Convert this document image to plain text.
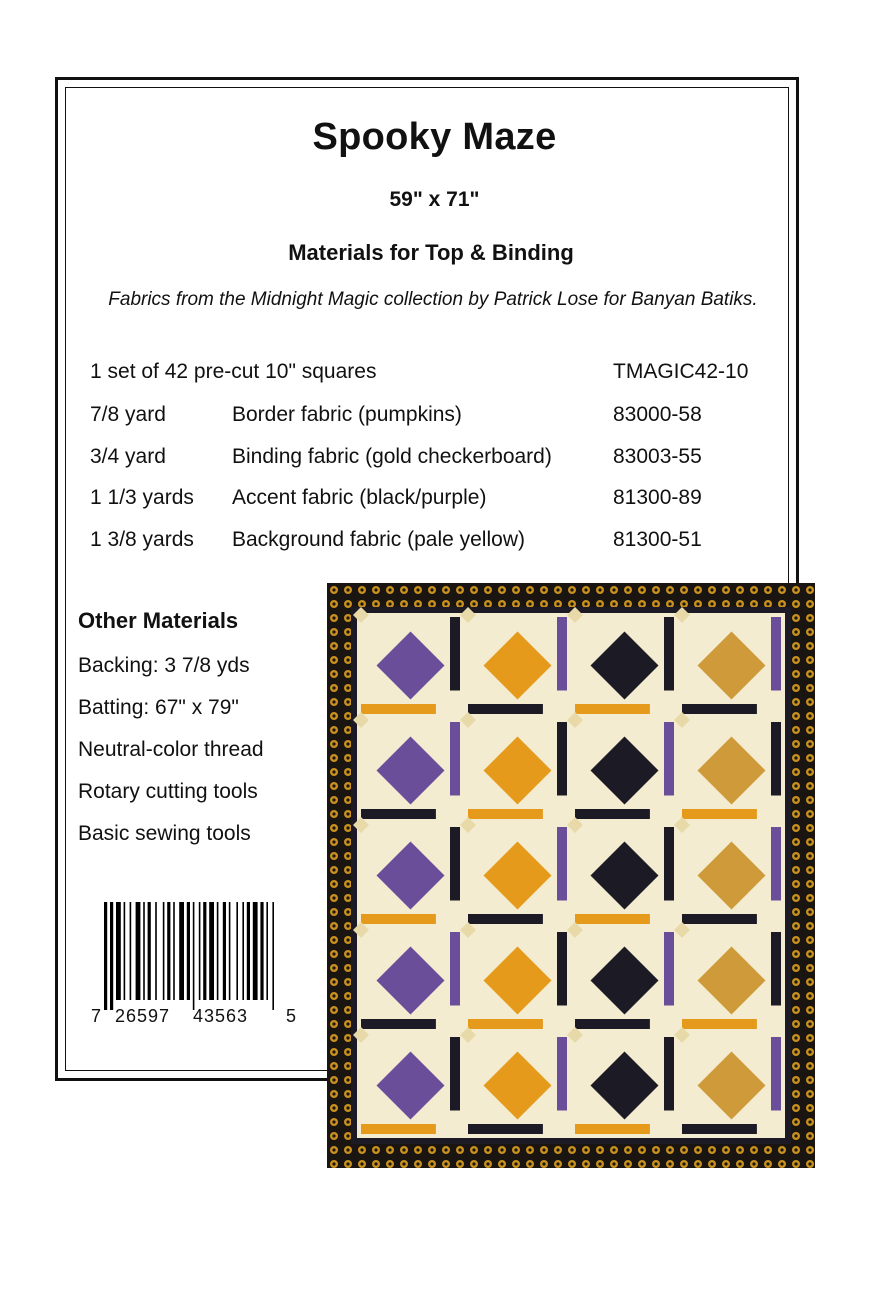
Spooky Maze
59" x 71"
Materials for Top & Binding
Fabrics from the Midnight Magic collection by Patrick Lose for Banyan Batiks.
1 set of 42 pre-cut 10" squares	TMAGIC42-10
7/8 yard	Border fabric (pumpkins)	83000-58
3/4 yard	Binding fabric (gold checkerboard)	83003-55
1 1/3 yards Accent fabric (black/purple)	81300-89
1 3/8 yards Background fabric (pale yellow)	81300-51
Other Materials
Backing: 3 7/8 yds
Batting: 67" x 79"
Neutral-color thread
Rotary cutting tools
Basic sewing tools
7 26597 43563 5
